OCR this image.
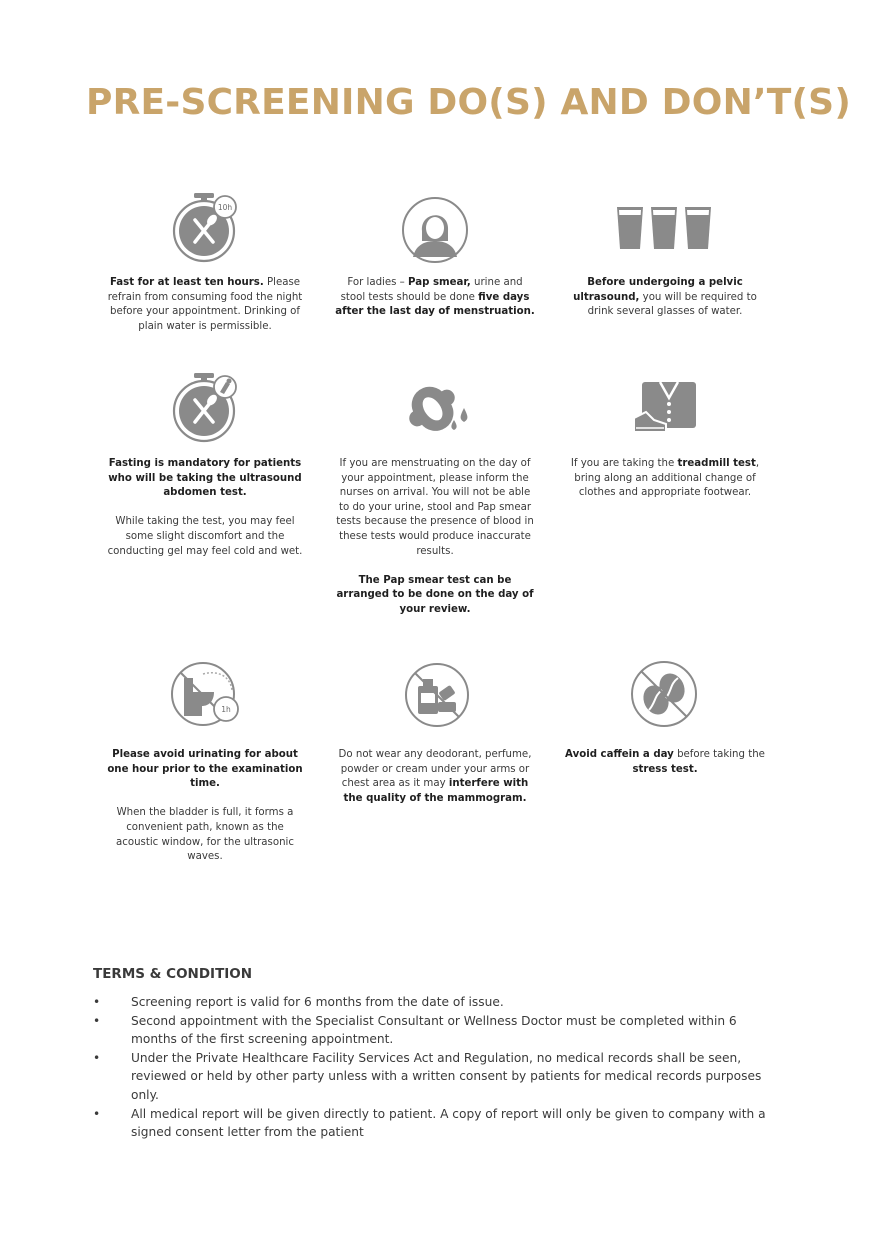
PRE-SCREENING DO(S) AND DON’T(S)
10h

Fast for at least ten hours. Please refrain from consuming food the night before your appointment. Drinking of plain water is permissible.

For ladies – Pap smear, urine and stool tests should be done five days after the last day of menstruation.

Before undergoing a pelvic ultrasound, you will be required to drink several glasses of water.

Fasting is mandatory for patients who will be taking the ultrasound abdomen test.

While taking the test, you may feel some slight discomfort and the conducting gel may feel cold and wet.

If you are menstruating on the day of your appointment, please inform the nurses on arrival. You will not be able to do your urine, stool and Pap smear tests because the presence of blood in these tests would produce inaccurate results.

The Pap smear test can be arranged to be done on the day of your review.

If you are taking the treadmill test, bring along an additional change of clothes and appropriate footwear.

1h

Please avoid urinating for about one hour prior to the examination time.

When the bladder is full, it forms a convenient path, known as the acoustic window, for the ultrasonic waves.

Do not wear any deodorant, perfume, powder or cream under your arms or chest area as it may interfere with the quality of the mammogram.

Avoid caffein a day before taking the stress test.

TERMS & CONDITION
• Screening report is valid for 6 months from the date of issue.
• Second appointment with the Specialist Consultant or Wellness Doctor must be completed within 6 months of the first screening appointment.
• Under the Private Healthcare Facility Services Act and Regulation, no medical records shall be seen, reviewed or held by other party unless with a written consent by patients for medical records purposes only.
• All medical report will be given directly to patient. A copy of report will only be given to company with a signed consent letter from the patient
